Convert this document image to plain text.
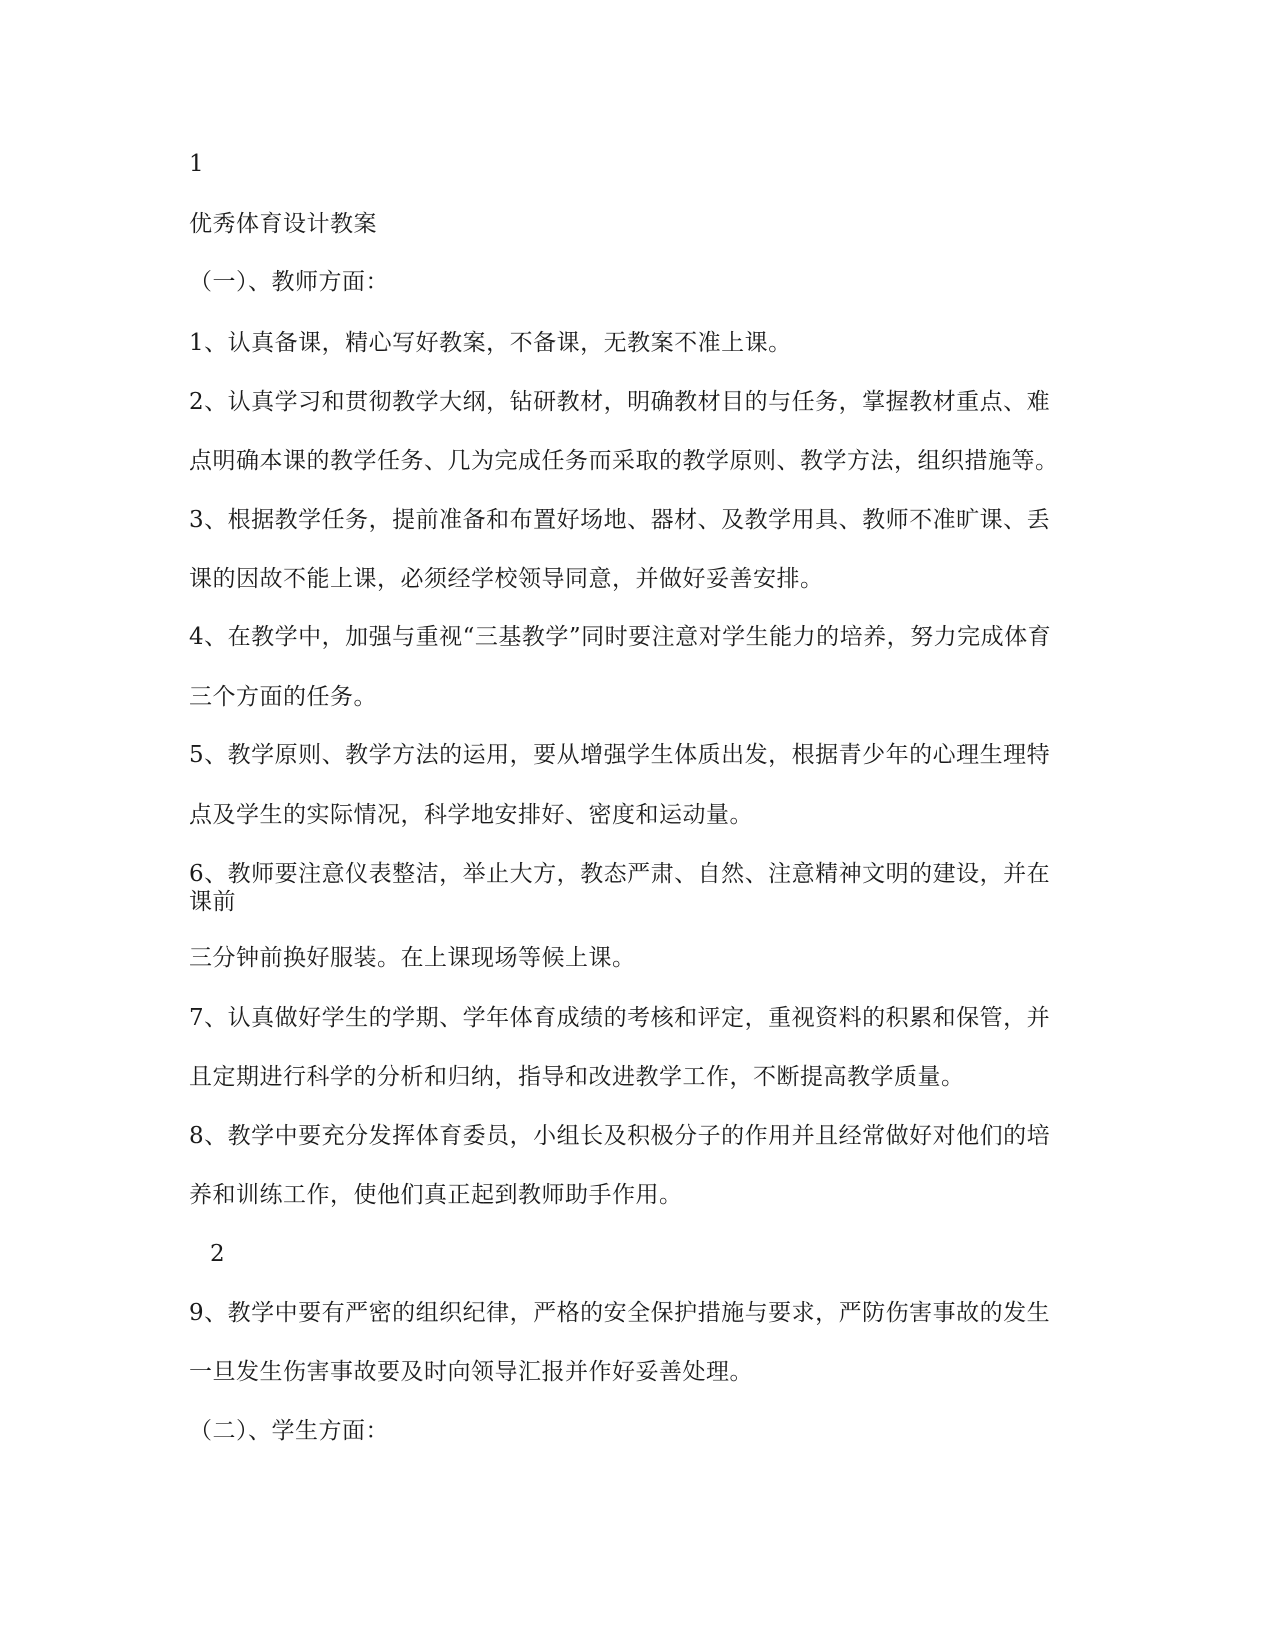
1
优秀体育设计教案
（一）、教师方面：
1、认真备课，精心写好教案，不备课，无教案不准上课。
2、认真学习和贯彻教学大纲，钻研教材，明确教材目的与任务，掌握教材重点、难
点明确本课的教学任务、几为完成任务而采取的教学原则、教学方法，组织措施等。
3、根据教学任务，提前准备和布置好场地、器材、及教学用具、教师不准旷课、丢
课的因故不能上课，必须经学校领导同意，并做好妥善安排。
4、在教学中，加强与重视“三基教学”同时要注意对学生能力的培养，努力完成体育
三个方面的任务。
5、教学原则、教学方法的运用，要从增强学生体质出发，根据青少年的心理生理特
点及学生的实际情况，科学地安排好、密度和运动量。
6、教师要注意仪表整洁，举止大方，教态严肃、自然、注意精神文明的建设，并在
课前
三分钟前换好服装。在上课现场等候上课。
7、认真做好学生的学期、学年体育成绩的考核和评定，重视资料的积累和保管，并
且定期进行科学的分析和归纳，指导和改进教学工作，不断提高教学质量。
8、教学中要充分发挥体育委员，小组长及积极分子的作用并且经常做好对他们的培
养和训练工作，使他们真正起到教师助手作用。
2
9、教学中要有严密的组织纪律，严格的安全保护措施与要求，严防伤害事故的发生
一旦发生伤害事故要及时向领导汇报并作好妥善处理。
（二）、学生方面：
